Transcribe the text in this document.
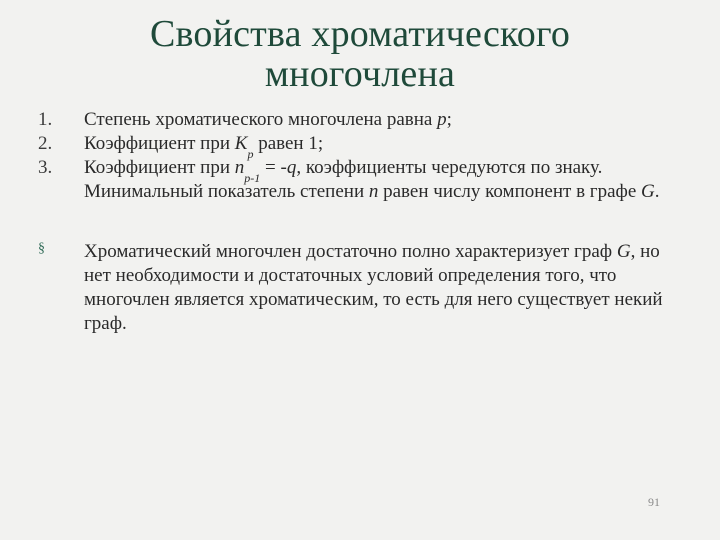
Свойства хроматического
многочлена
1.	Степень хроматического многочлена равна p;
2.	Коэффициент при $K_p$ равен 1;
3.	Коэффициент при $n_{p-1} = -q$, коэффициенты чередуются по знаку.
Минимальный показатель степени n равен числу компонент в графе G.
§	Хроматический многочлен достаточно полно характеризует граф G, но нет необходимости и достаточных условий определения того, что многочлен является хроматическим, то есть для него существует некий граф.
91
